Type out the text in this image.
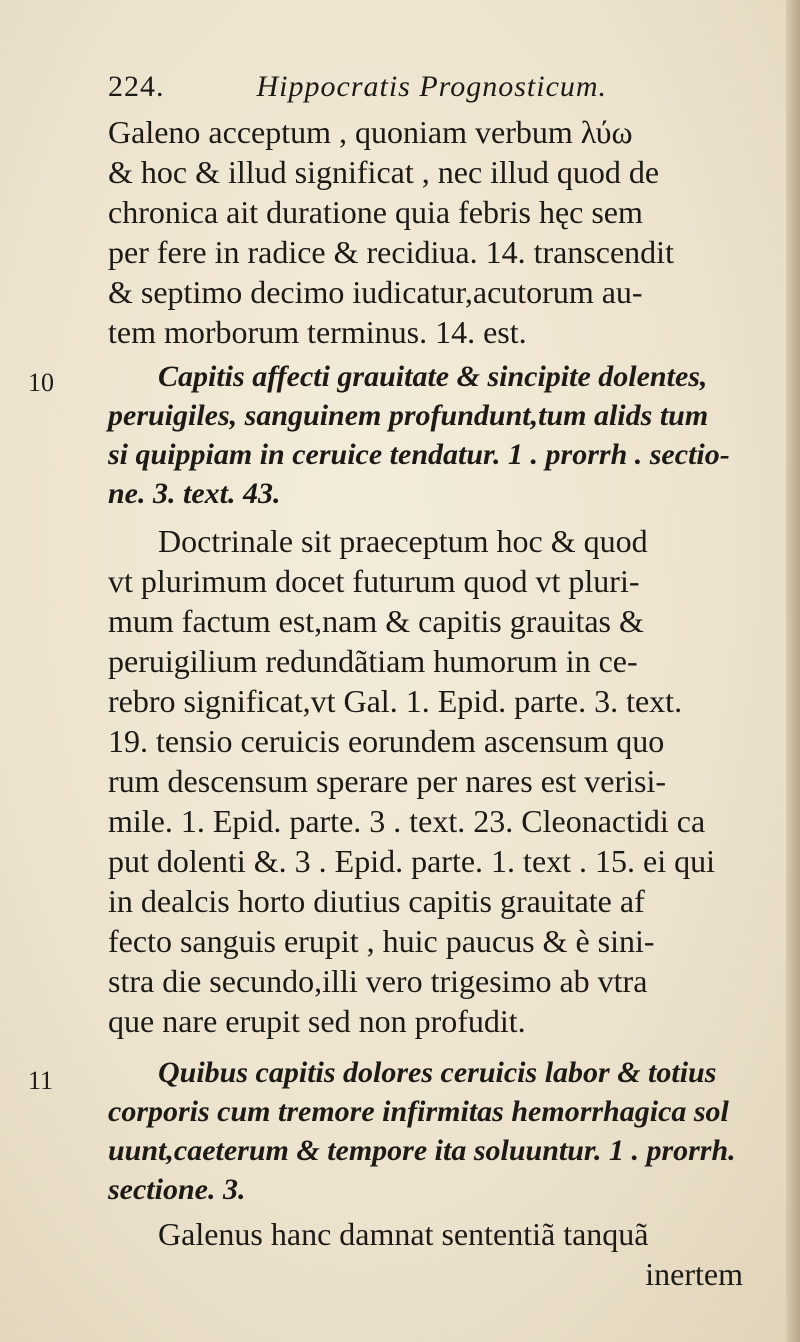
224.	Hippocratis Prognosticum.
Galeno acceptum , quoniam verbum λύω
& hoc & illud significat , nec illud quod de
chronica ait duratione quia febris hęc sem
per fere in radice & recidiua. 14. transcendit
& septimo decimo iudicatur,acutorum au-
tem morborum terminus. 14. est.
10	Capitis affecti grauitate & sincipite dolentes,
peruigiles, sanguinem profundunt,tum alids tum
si quippiam in ceruice tendatur. 1 . prorrh . sectio-
ne. 3. text. 43.
Doctrinale sit praeceptum hoc & quod
vt plurimum docet futurum quod vt pluri-
mum factum est,nam & capitis grauitas &
peruigilium redundãtiam humorum in ce-
rebro significat,vt Gal. 1. Epid. parte. 3. text.
19. tensio ceruicis eorundem ascensum quo
rum descensum sperare per nares est verisi-
mile. 1. Epid. parte. 3 . text. 23. Cleonactidi ca
put dolenti &. 3 . Epid. parte. 1. text . 15. ei qui
in dealcis horto diutius capitis grauitate af
fecto sanguis erupit , huic paucus & è sini-
stra die secundo,illi vero trigesimo ab vtra
que nare erupit sed non profudit.
11	Quibus capitis dolores ceruicis labor & totius
corporis cum tremore infirmitas hemorrhagica sol
uunt,caeterum & tempore ita soluuntur. 1 . prorrh.
sectione. 3.
Galenus hanc damnat sententiã tanquã
inertem
